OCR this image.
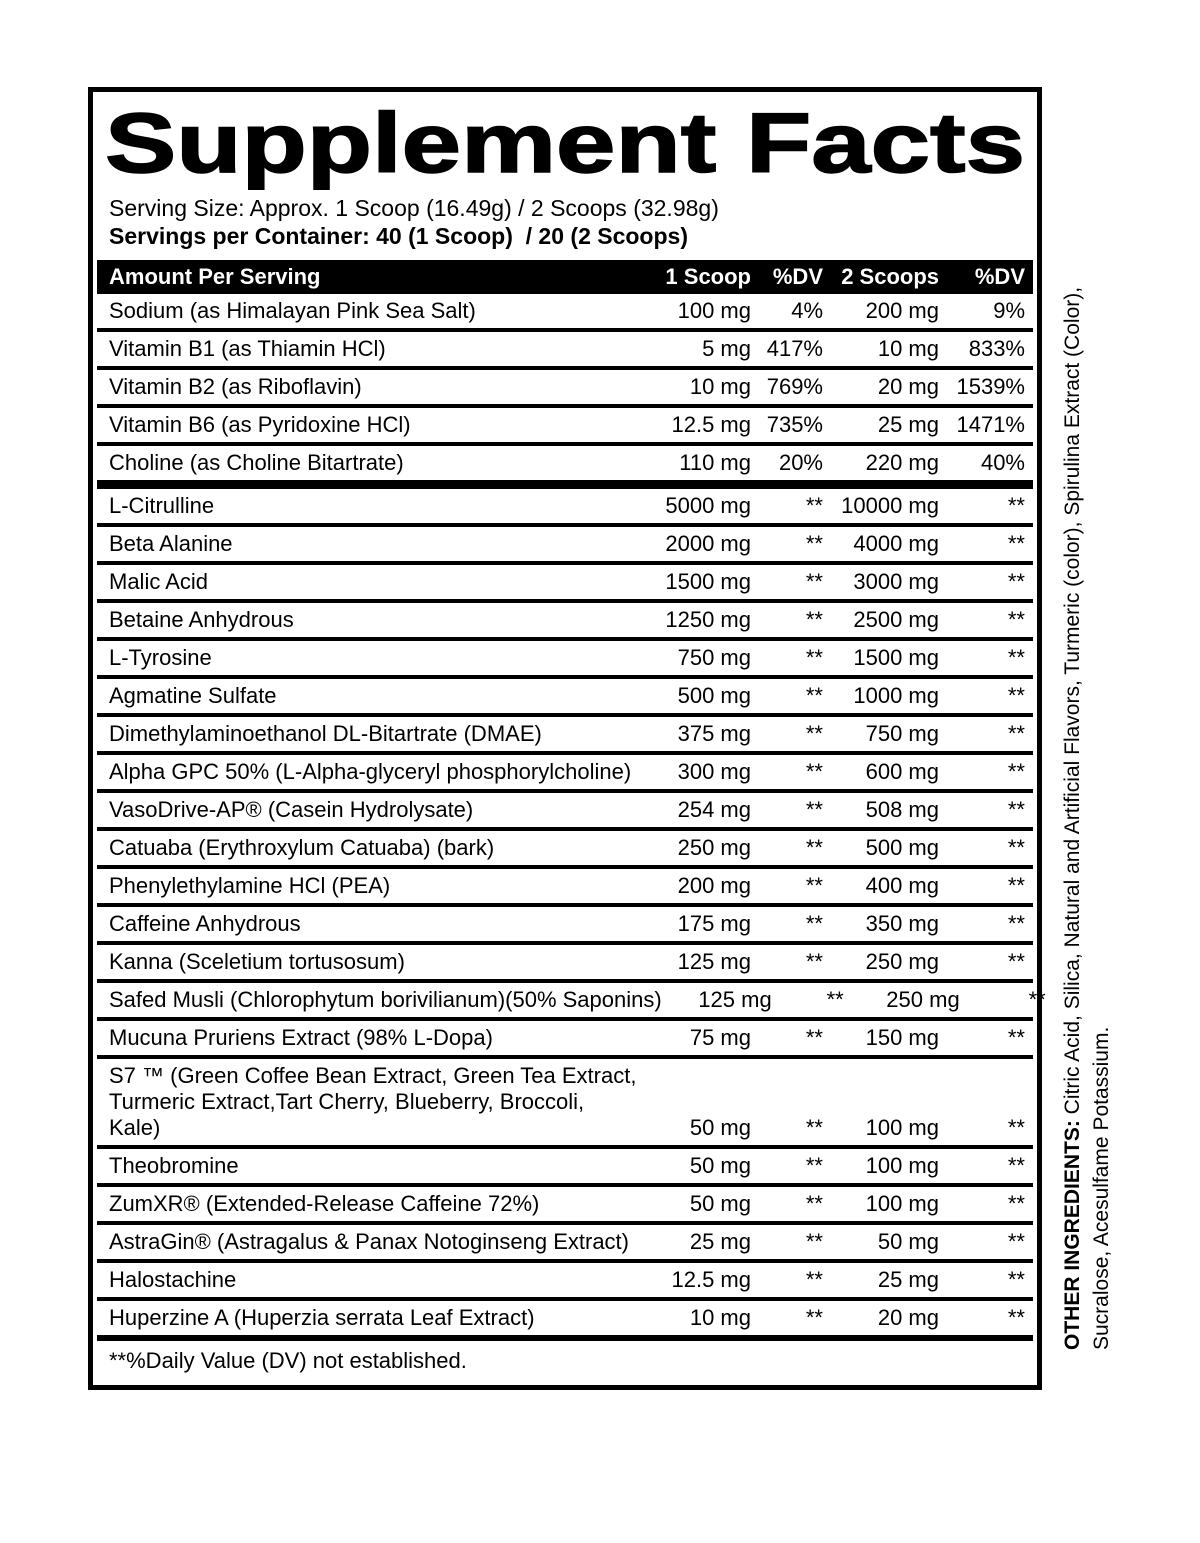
Supplement Facts
Serving Size: Approx. 1 Scoop (16.49g) / 2 Scoops (32.98g)
Servings per Container: 40 (1 Scoop)  / 20 (2 Scoops)
Amount Per Serving	1 Scoop %DV 2 Scoops	%DV
Sodium (as Himalayan Pink Sea Salt)	100 mg	4%	200 mg	9%
Vitamin B1 (as Thiamin HCl)	5 mg 417%	10 mg	833%
Vitamin B2 (as Riboflavin)	10 mg 769%	20 mg 1539%
Vitamin B6 (as Pyridoxine HCl)	12.5 mg 735%	25 mg 1471%
Choline (as Choline Bitartrate)	110 mg	20%	220 mg	40%
L-Citrulline	5000 mg	** 10000 mg	**
Beta Alanine	2000 mg	**	4000 mg	**
Malic Acid	1500 mg	**	3000 mg	**
Betaine Anhydrous	1250 mg	**	2500 mg	**
L-Tyrosine	750 mg	**	1500 mg	**
Agmatine Sulfate	500 mg	**	1000 mg	**
Dimethylaminoethanol DL-Bitartrate (DMAE)	375 mg	**	750 mg	**
Alpha GPC 50% (L-Alpha-glyceryl phosphorylcholine)	300 mg	**	600 mg	**
VasoDrive-AP® (Casein Hydrolysate)	254 mg	**	508 mg	**
Catuaba (Erythroxylum Catuaba) (bark)	250 mg	**	500 mg	**
Phenylethylamine HCl (PEA)	200 mg	**	400 mg	**
Caffeine Anhydrous	175 mg	**	350 mg	**
Kanna (Sceletium tortusosum)	125 mg	**	250 mg	**
Safed Musli (Chlorophytum borivilianum)(50% Saponins)	125 mg	**	250 mg	**
Mucuna Pruriens Extract (98% L-Dopa)	75 mg	**	150 mg	**
S7 ™ (Green Coffee Bean Extract, Green Tea Extract, Turmeric Extract,Tart Cherry, Blueberry, Broccoli, Kale)	50 mg	**	100 mg	**
Theobromine	50 mg	**	100 mg	**
ZumXR® (Extended-Release Caffeine 72%)	50 mg	**	100 mg	**
AstraGin® (Astragalus & Panax Notoginseng Extract)	25 mg	**	50 mg	**
Halostachine	12.5 mg	**	25 mg	**
Huperzine A (Huperzia serrata Leaf Extract)	10 mg	**	20 mg	**
**%Daily Value (DV) not established.
OTHER INGREDIENTS: Citric Acid, Silica, Natural and Artificial Flavors, Turmeric (color), Spirulina Extract (Color),
Sucralose, Acesulfame Potassium.
